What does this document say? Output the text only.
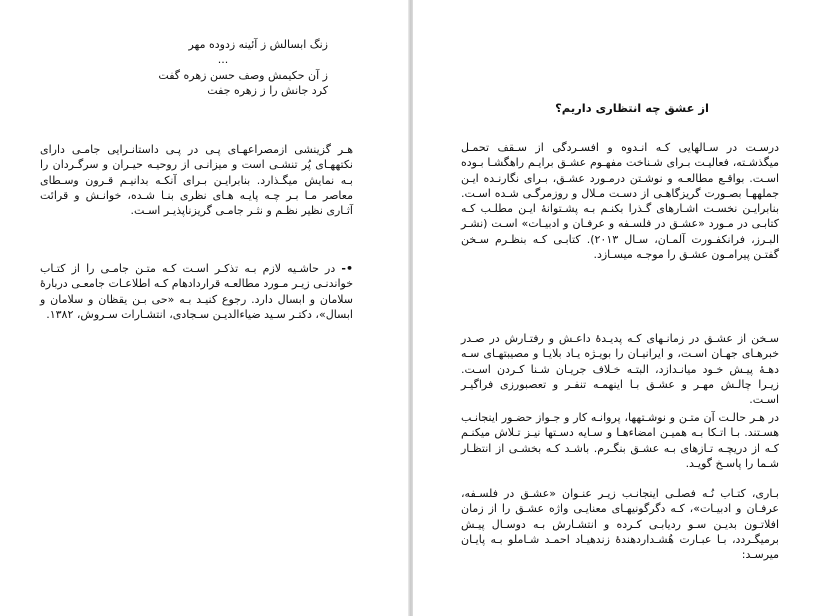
زنگ ابسالش ز آئینه زدوده مهر
...
ز آن حکیمش وصف حسن زهره گفت
کرد جانش را ز زهره جفت

هـر گزینشی ازمصراعهـای پـی در پـی داستانـرایی جامـی دارای نکتههـای پُر تنشـی است و میزانـی از روحیـه حیـران و سرگـردان را بـه نمایش میگـذارد. بنابرایـن بـرای آنکـه بدانیـم قـرون وسـطای معاصر مـا بـر چـه پایـه هـای نظری بنـا شـده، خوانـش و قرائت آثـاری نظیر نظـم و نثـر جامـی گریزناپذیـر اسـت.

•- در حاشـیه لازم بـه تذکـر اسـت کـه متـن جامـی را از کتـاب خواندنـی زیـر مـورد مطالعـه قراردادهام کـه اطلاعـات جامعـی دربارهٔ سلامان و ابسال دارد. رجوع کنیـد بـه «حی بـن یقظان و سلامان و ابسال»، دکتـر سـید ضیاءالدیـن سـجادی، انتشـارات سـروش، ۱۳۸۲.

از عشق چه انتظاری داریم؟

درسـت در سـالهایی کـه انـدوه و افسـردگی از سـقف تحمـل میگذشـته، فعالیـت بـرای شـناخت مفهـوم عشـق برایـم راهگشـا بـوده اسـت. بواقـع مطالعـه و نوشـتن درمـورد عشـق، بـرای نگارنـده ایـن جملههـا بصـورت گریزگاهـی از دسـت مـلال و روزمرگـی شـده اسـت. بنابرایـن نخسـت اشـارهای گـذرا بکنـم بـه پشـتوانهٔ ایـن مطلـب کـه کتابـی در مـورد «عشـق در فلسـفه و عرفـان و ادبیـات» اسـت (نشـر البـرز، فرانکفـورت آلمـان، سـال ۲۰۱۳). کتابـی کـه بنظـرم سـخن گفتـن پیرامـون عشـق را موجـه میسـازد.

سـخن از عشـق در زمانـهای کـه پدیـدهٔ داعـش و رفتـارش در صـدر خبرهـای جهـان اسـت، و ایرانیـان را بویـژه یـاد بلایـا و مصیبتهـای سـه دهـهٔ پیـش خـود میانـدازد، البتـه خـلاف جریـان شـنا کـردن اسـت. زیـرا چالـش مهـر و عشـق بـا اینهمـه تنفـر و تعصبورزی فراگیـر اسـت.

در هـر حالـت آن متـن و نوشـتهها، پروانـه کار و جـواز حضـور اینجانـب هسـتند. بـا اتـکا بـه همیـن امضاءهـا و سـایه دسـتها نیـز تـلاش میکنـم کـه از دریچـه تـازهای بـه عشـق بنگـرم. باشـد کـه بخشـی از انتظـار شـما را پاسـخ گویـد.

بـاری، کتـاب نُـه فصلـی اینجانـب زیـر عنـوان «عشـق در فلسـفه، عرفـان و ادبیـات»، کـه دگرگونیهـای معنایـی واژه عشـق را از زمان افلاتـون بدیـن سـو ردیابـی کـرده و انتشـارش بـه دوسـال پیـش برمیگـردد، بـا عبـارت هُشـداردهندهٔ زندهیـاد احمـد شـاملو بـه پایـان میرسـد:
